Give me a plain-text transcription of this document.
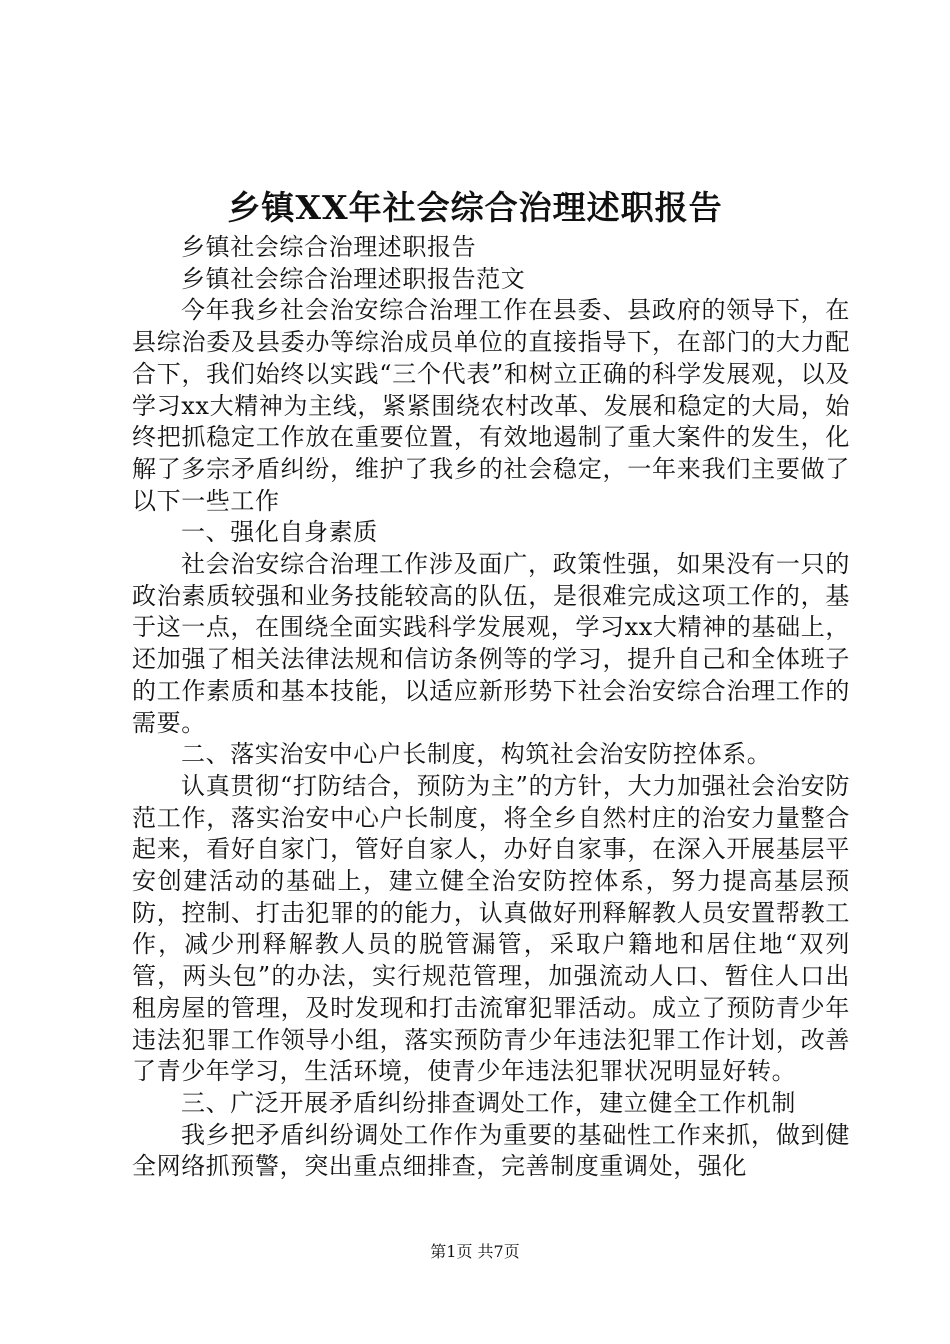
乡镇XX年社会综合治理述职报告

乡镇社会综合治理述职报告

乡镇社会综合治理述职报告范文

今年我乡社会治安综合治理工作在县委、县政府的领导下，在县综治委及县委办等综治成员单位的直接指导下，在部门的大力配合下，我们始终以实践“三个代表”和树立正确的科学发展观，以及学习xx大精神为主线，紧紧围绕农村改革、发展和稳定的大局，始终把抓稳定工作放在重要位置，有效地遏制了重大案件的发生，化解了多宗矛盾纠纷，维护了我乡的社会稳定，一年来我们主要做了以下一些工作

一、强化自身素质

社会治安综合治理工作涉及面广，政策性强，如果没有一只的政治素质较强和业务技能较高的队伍，是很难完成这项工作的，基于这一点，在围绕全面实践科学发展观，学习xx大精神的基础上，还加强了相关法律法规和信访条例等的学习，提升自己和全体班子的工作素质和基本技能，以适应新形势下社会治安综合治理工作的需要。

二、落实治安中心户长制度，构筑社会治安防控体系。

认真贯彻“打防结合，预防为主”的方针，大力加强社会治安防范工作，落实治安中心户长制度，将全乡自然村庄的治安力量整合起来，看好自家门，管好自家人，办好自家事，在深入开展基层平安创建活动的基础上，建立健全治安防控体系，努力提高基层预防，控制、打击犯罪的的能力，认真做好刑释解教人员安置帮教工作，减少刑释解教人员的脱管漏管，采取户籍地和居住地“双列管，两头包”的办法，实行规范管理，加强流动人口、暂住人口出租房屋的管理，及时发现和打击流窜犯罪活动。成立了预防青少年违法犯罪工作领导小组，落实预防青少年违法犯罪工作计划，改善了青少年学习，生活环境，使青少年违法犯罪状况明显好转。

三、广泛开展矛盾纠纷排查调处工作，建立健全工作机制

我乡把矛盾纠纷调处工作作为重要的基础性工作来抓，做到健全网络抓预警，突出重点细排查，完善制度重调处，强化

第1页 共7页
